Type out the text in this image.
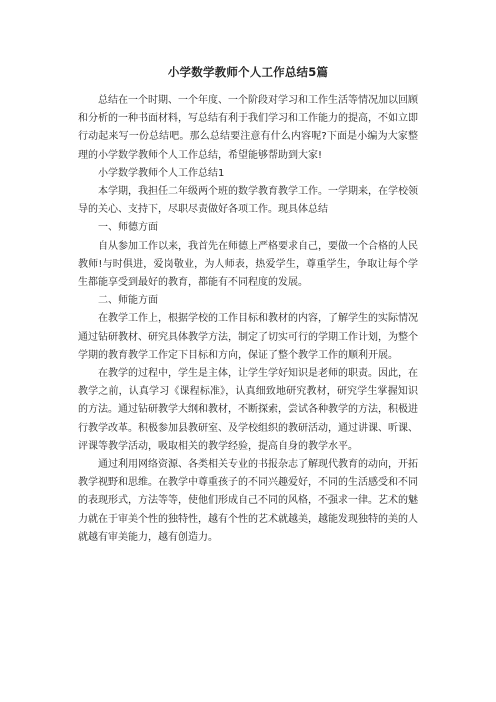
小学数学教师个人工作总结5篇

总结在一个时期、一个年度、一个阶段对学习和工作生活等情况加以回顾和分析的一种书面材料，写总结有利于我们学习和工作能力的提高，不如立即行动起来写一份总结吧。那么总结要注意有什么内容呢?下面是小编为大家整理的小学数学教师个人工作总结，希望能够帮助到大家!

小学数学教师个人工作总结1

本学期，我担任二年级两个班的数学教育教学工作。一学期来，在学校领导的关心、支持下，尽职尽责做好各项工作。现具体总结

一、师德方面

自从参加工作以来，我首先在师德上严格要求自己，要做一个合格的人民教师!与时俱进，爱岗敬业，为人师表，热爱学生，尊重学生，争取让每个学生都能享受到最好的教育，都能有不同程度的发展。

二、师能方面

在教学工作上，根据学校的工作目标和教材的内容，了解学生的实际情况通过钻研教材、研究具体教学方法，制定了切实可行的学期工作计划，为整个学期的教育教学工作定下目标和方向，保证了整个教学工作的顺利开展。

在教学的过程中，学生是主体，让学生学好知识是老师的职责。因此，在教学之前，认真学习《课程标准》，认真细致地研究教材，研究学生掌握知识的方法。通过钻研教学大纲和教材，不断探索，尝试各种教学的方法，积极进行教学改革。积极参加县教研室、及学校组织的教研活动，通过讲课、听课、评课等教学活动，吸取相关的教学经验，提高自身的教学水平。

通过利用网络资源、各类相关专业的书报杂志了解现代教育的动向，开拓教学视野和思维。在教学中尊重孩子的不同兴趣爱好，不同的生活感受和不同的表现形式，方法等等，使他们形成自己不同的风格，不强求一律。艺术的魅力就在于审美个性的独特性，越有个性的艺术就越美，越能发现独特的美的人就越有审美能力，越有创造力。
